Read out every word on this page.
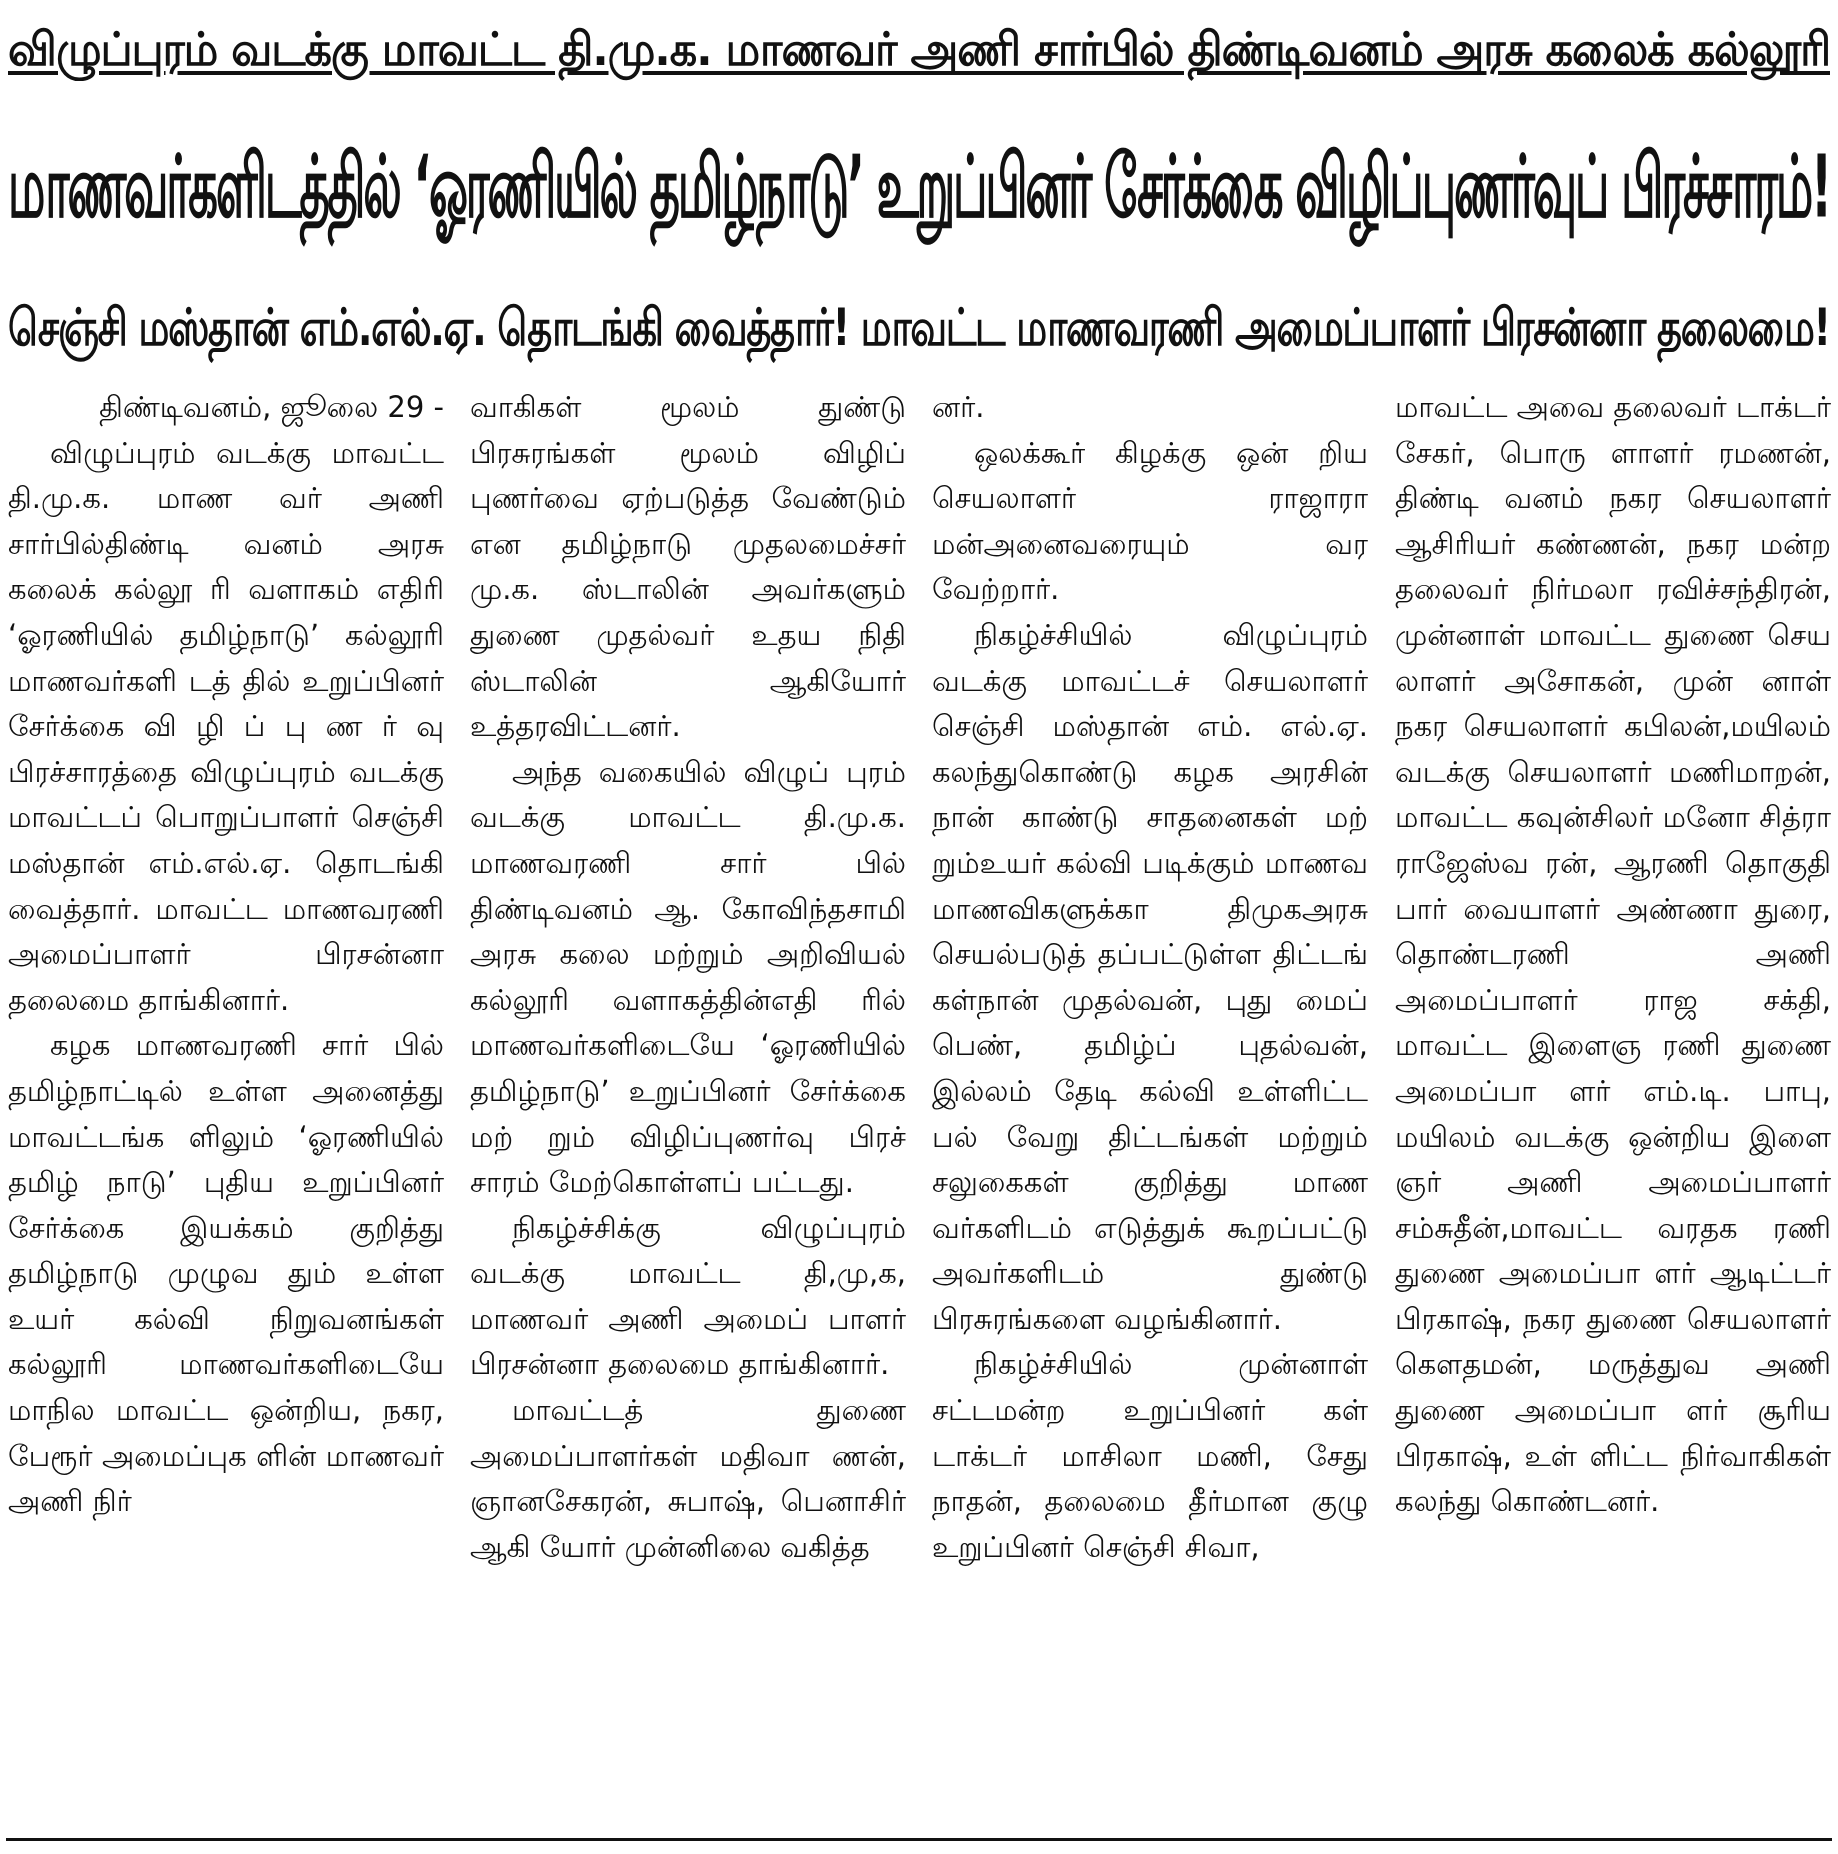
விழுப்புரம் வடக்கு மாவட்ட தி.மு.க. மாணவர் அணி சார்பில் திண்டிவனம் அரசு கலைக் கல்லூரி
மாணவர்களிடத்தில் ‘ஓரணியில் தமிழ்நாடு’ உறுப்பினர் சேர்க்கை விழிப்புணர்வுப் பிரச்சாரம்!
செஞ்சி மஸ்தான் எம்.எல்.ஏ. தொடங்கி வைத்தார்! மாவட்ட மாணவரணி அமைப்பாளர் பிரசன்னா தலைமை!

திண்டிவனம், ஜூலை 29 -

விழுப்புரம் வடக்கு மாவட்ட தி.மு.க. மாண வர் அணி சார்பில்திண்டி வனம் அரசு கலைக் கல்லூ ரி வளாகம் எதிரி ‘ஓரணியில் தமிழ்நாடு’ கல்லூரி மாணவர்களி டத் தில் உறுப்பினர் சேர்க்கை வி ழி ப் பு ண ர் வு பிரச்சாரத்தை விழுப்புரம் வடக்கு மாவட்டப் பொறுப்பாளர் செஞ்சி மஸ்தான் எம்.எல்.ஏ. தொடங்கி வைத்தார். மாவட்ட மாணவரணி அமைப்பாளர் பிரசன்னா தலைமை தாங்கினார்.

கழக மாணவரணி சார் பில் தமிழ்நாட்டில் உள்ள அனைத்து மாவட்டங்க ளிலும் ‘ஓரணியில் தமிழ் நாடு’ புதிய உறுப்பினர் சேர்க்கை இயக்கம் குறித்து தமிழ்நாடு முழுவ தும் உள்ள உயர் கல்வி நிறுவனங்கள் கல்லூரி மாணவர்களிடையே மாநில மாவட்ட ஒன்றிய, நகர, பேரூர் அமைப்புக ளின் மாணவர் அணி நிர்

வாகிகள் மூலம் துண்டு பிரசுரங்கள் மூலம் விழிப் புணர்வை ஏற்படுத்த வேண்டும் என தமிழ்நாடு முதலமைச்சர் மு.க. ஸ்டாலின் அவர்களும் துணை முதல்வர் உதய நிதி ஸ்டாலின் ஆகியோர் உத்தரவிட்டனர்.

அந்த வகையில் விழுப் புரம் வடக்கு மாவட்ட தி.மு.க. மாணவரணி சார் பில் திண்டிவனம் ஆ. கோவிந்தசாமி அரசு கலை மற்றும் அறிவியல் கல்லூரி வளாகத்தின்எதி ரில் மாணவர்களிடையே ‘ஓரணியில் தமிழ்நாடு’ உறுப்பினர் சேர்க்கை மற் றும் விழிப்புணர்வு பிரச் சாரம் மேற்கொள்ளப் பட்டது.

நிகழ்ச்சிக்கு விழுப்புரம் வடக்கு மாவட்ட தி,மு,க, மாணவர் அணி அமைப் பாளர் பிரசன்னா தலைமை தாங்கினார்.

மாவட்டத் துணை அமைப்பாளர்கள் மதிவா ணன், ஞானசேகரன், சுபாஷ், பெனாசிர் ஆகி யோர் முன்னிலை வகித்த

னர்.

ஒலக்கூர் கிழக்கு ஒன் றிய செயலாளர் ராஜாரா மன்அனைவரையும் வர வேற்றார்.

நிகழ்ச்சியில் விழுப்புரம் வடக்கு மாவட்டச் செயலாளர் செஞ்சி மஸ்தான் எம். எல்.ஏ. கலந்துகொண்டு கழக அரசின் நான் காண்டு சாதனைகள் மற் றும்உயர் கல்வி படிக்கும் மாணவ மாணவிகளுக்கா திமுகஅரசு செயல்படுத் தப்பட்டுள்ள திட்டங் கள்நான் முதல்வன், புது மைப் பெண், தமிழ்ப் புதல்வன், இல்லம் தேடி கல்வி உள்ளிட்ட பல் வேறு திட்டங்கள் மற்றும் சலுகைகள் குறித்து மாண வர்களிடம் எடுத்துக் கூறப்பட்டு அவர்களிடம் துண்டு பிரசுரங்களை வழங்கினார்.

நிகழ்ச்சியில் முன்னாள் சட்டமன்ற உறுப்பினர் கள் டாக்டர் மாசிலா மணி, சேது நாதன், தலைமை தீர்மான குழு உறுப்பினர் செஞ்சி சிவா,

மாவட்ட அவை தலைவர் டாக்டர் சேகர், பொரு ளாளர் ரமணன், திண்டி வனம் நகர செயலாளர் ஆசிரியர் கண்ணன், நகர மன்ற தலைவர் நிர்மலா ரவிச்சந்திரன், முன்னாள் மாவட்ட துணை செய லாளர் அசோகன், முன் னாள் நகர செயலாளர் கபிலன்,மயிலம் வடக்கு செயலாளர் மணிமாறன், மாவட்ட கவுன்சிலர் மனோ சித்ரா ராஜேஸ்வ ரன், ஆரணி தொகுதி பார் வையாளர் அண்ணா துரை, தொண்டரணி அணி அமைப்பாளர் ராஜ சக்தி, மாவட்ட இளைஞ ரணி துணை அமைப்பா ளர் எம்.டி. பாபு, மயிலம் வடக்கு ஒன்றிய இளை ஞர் அணி அமைப்பாளர் சம்சுதீன்,மாவட்ட வரதக ரணி துணை அமைப்பா ளர் ஆடிட்டர் பிரகாஷ், நகர துணை செயலாளர் கௌதமன், மருத்துவ அணி துணை அமைப்பா ளர் சூரிய பிரகாஷ், உள் ளிட்ட நிர்வாகிகள் கலந்து கொண்டனர்.
